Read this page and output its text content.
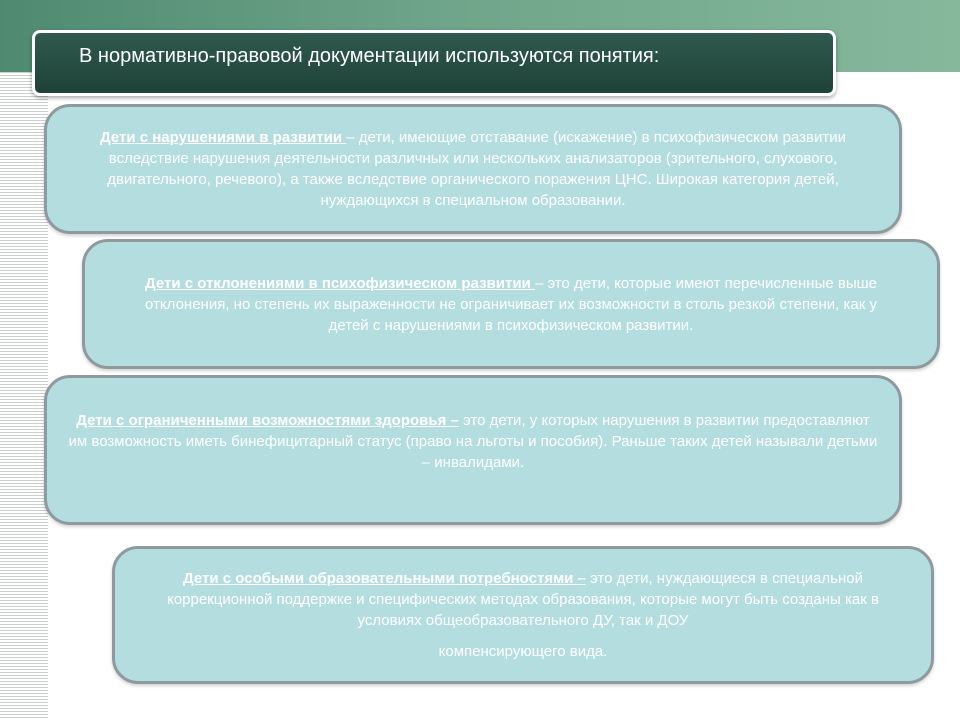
В нормативно-правовой документации используются понятия:

Дети с нарушениями в развитии – дети, имеющие отставание (искажение) в психофизическом развитии вследствие нарушения деятельности различных или нескольких анализаторов (зрительного, слухового, двигательного, речевого), а также вследствие органического поражения ЦНС. Широкая категория детей, нуждающихся в специальном образовании.

Дети с отклонениями в психофизическом развитии – это дети, которые имеют перечисленные выше отклонения, но степень их выраженности не ограничивает их возможности в столь резкой степени, как у детей с нарушениями в психофизическом развитии.

Дети с ограниченными возможностями здоровья – это дети, у которых нарушения в развитии предоставляют им возможность иметь бинефицитарный статус (право на льготы и пособия). Раньше таких детей называли детьми – инвалидами.

Дети с особыми образовательными потребностями – это дети, нуждающиеся в специальной коррекционной поддержке и специфических методах образования, которые могут быть созданы как в условиях общеобразовательного ДУ, так и ДОУ
компенсирующего вида.
